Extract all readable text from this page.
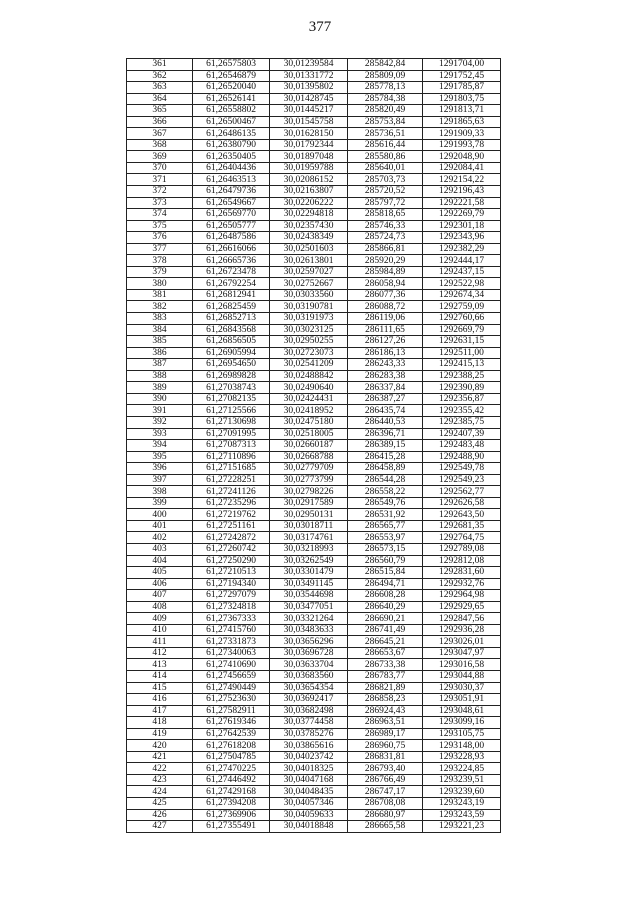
377
361	61,26575803	30,01239584	285842,84	1291704,00
362	61,26546879	30,01331772	285809,09	1291752,45
363	61,26520040	30,01395802	285778,13	1291785,87
364	61,26526141	30,01428745	285784,38	1291803,75
365	61,26558802	30,01445217	285820,49	1291813,71
366	61,26500467	30,01545758	285753,84	1291865,63
367	61,26486135	30,01628150	285736,51	1291909,33
368	61,26380790	30,01792344	285616,44	1291993,78
369	61,26350405	30,01897048	285580,86	1292048,90
370	61,26404436	30,01959788	285640,01	1292084,41
371	61,26463513	30,02086152	285703,73	1292154,22
372	61,26479736	30,02163807	285720,52	1292196,43
373	61,26549667	30,02206222	285797,72	1292221,58
374	61,26569770	30,02294818	285818,65	1292269,79
375	61,26505777	30,02357430	285746,33	1292301,18
376	61,26487586	30,02438349	285724,73	1292343,96
377	61,26616066	30,02501603	285866,81	1292382,29
378	61,26665736	30,02613801	285920,29	1292444,17
379	61,26723478	30,02597027	285984,89	1292437,15
380	61,26792254	30,02752667	286058,94	1292522,98
381	61,26812941	30,03033560	286077,36	1292674,34
382	61,26825459	30,03190781	286088,72	1292759,09
383	61,26852713	30,03191973	286119,06	1292760,66
384	61,26843568	30,03023125	286111,65	1292669,79
385	61,26856505	30,02950255	286127,26	1292631,15
386	61,26905994	30,02723073	286186,13	1292511,00
387	61,26954650	30,02541209	286243,33	1292415,13
388	61,26989828	30,02488842	286283,38	1292388,25
389	61,27038743	30,02490640	286337,84	1292390,89
390	61,27082135	30,02424431	286387,27	1292356,87
391	61,27125566	30,02418952	286435,74	1292355,42
392	61,27130698	30,02475180	286440,53	1292385,75
393	61,27091995	30,02518005	286396,71	1292407,39
394	61,27087313	30,02660187	286389,15	1292483,48
395	61,27110896	30,02668788	286415,28	1292488,90
396	61,27151685	30,02779709	286458,89	1292549,78
397	61,27228251	30,02773799	286544,28	1292549,23
398	61,27241126	30,02798226	286558,22	1292562,77
399	61,27235296	30,02917589	286549,76	1292626,58
400	61,27219762	30,02950131	286531,92	1292643,50
401	61,27251161	30,03018711	286565,77	1292681,35
402	61,27242872	30,03174761	286553,97	1292764,75
403	61,27260742	30,03218993	286573,15	1292789,08
404	61,27250290	30,03262549	286560,79	1292812,08
405	61,27210513	30,03301479	286515,84	1292831,60
406	61,27194340	30,03491145	286494,71	1292932,76
407	61,27297079	30,03544698	286608,28	1292964,98
408	61,27324818	30,03477051	286640,29	1292929,65
409	61,27367333	30,03321264	286690,21	1292847,56
410	61,27415760	30,03483633	286741,49	1292936,28
411	61,27331873	30,03656296	286645,21	1293026,01
412	61,27340063	30,03696728	286653,67	1293047,97
413	61,27410690	30,03633704	286733,38	1293016,58
414	61,27456659	30,03683560	286783,77	1293044,88
415	61,27490449	30,03654354	286821,89	1293030,37
416	61,27523630	30,03692417	286858,23	1293051,91
417	61,27582911	30,03682498	286924,43	1293048,61
418	61,27619346	30,03774458	286963,51	1293099,16
419	61,27642539	30,03785276	286989,17	1293105,75
420	61,27618208	30,03865616	286960,75	1293148,00
421	61,27504785	30,04023742	286831,81	1293228,93
422	61,27470225	30,04018325	286793,40	1293224,85
423	61,27446492	30,04047168	286766,49	1293239,51
424	61,27429168	30,04048435	286747,17	1293239,60
425	61,27394208	30,04057346	286708,08	1293243,19
426	61,27369906	30,04059633	286680,97	1293243,59
427	61,27355491	30,04018848	286665,58	1293221,23
